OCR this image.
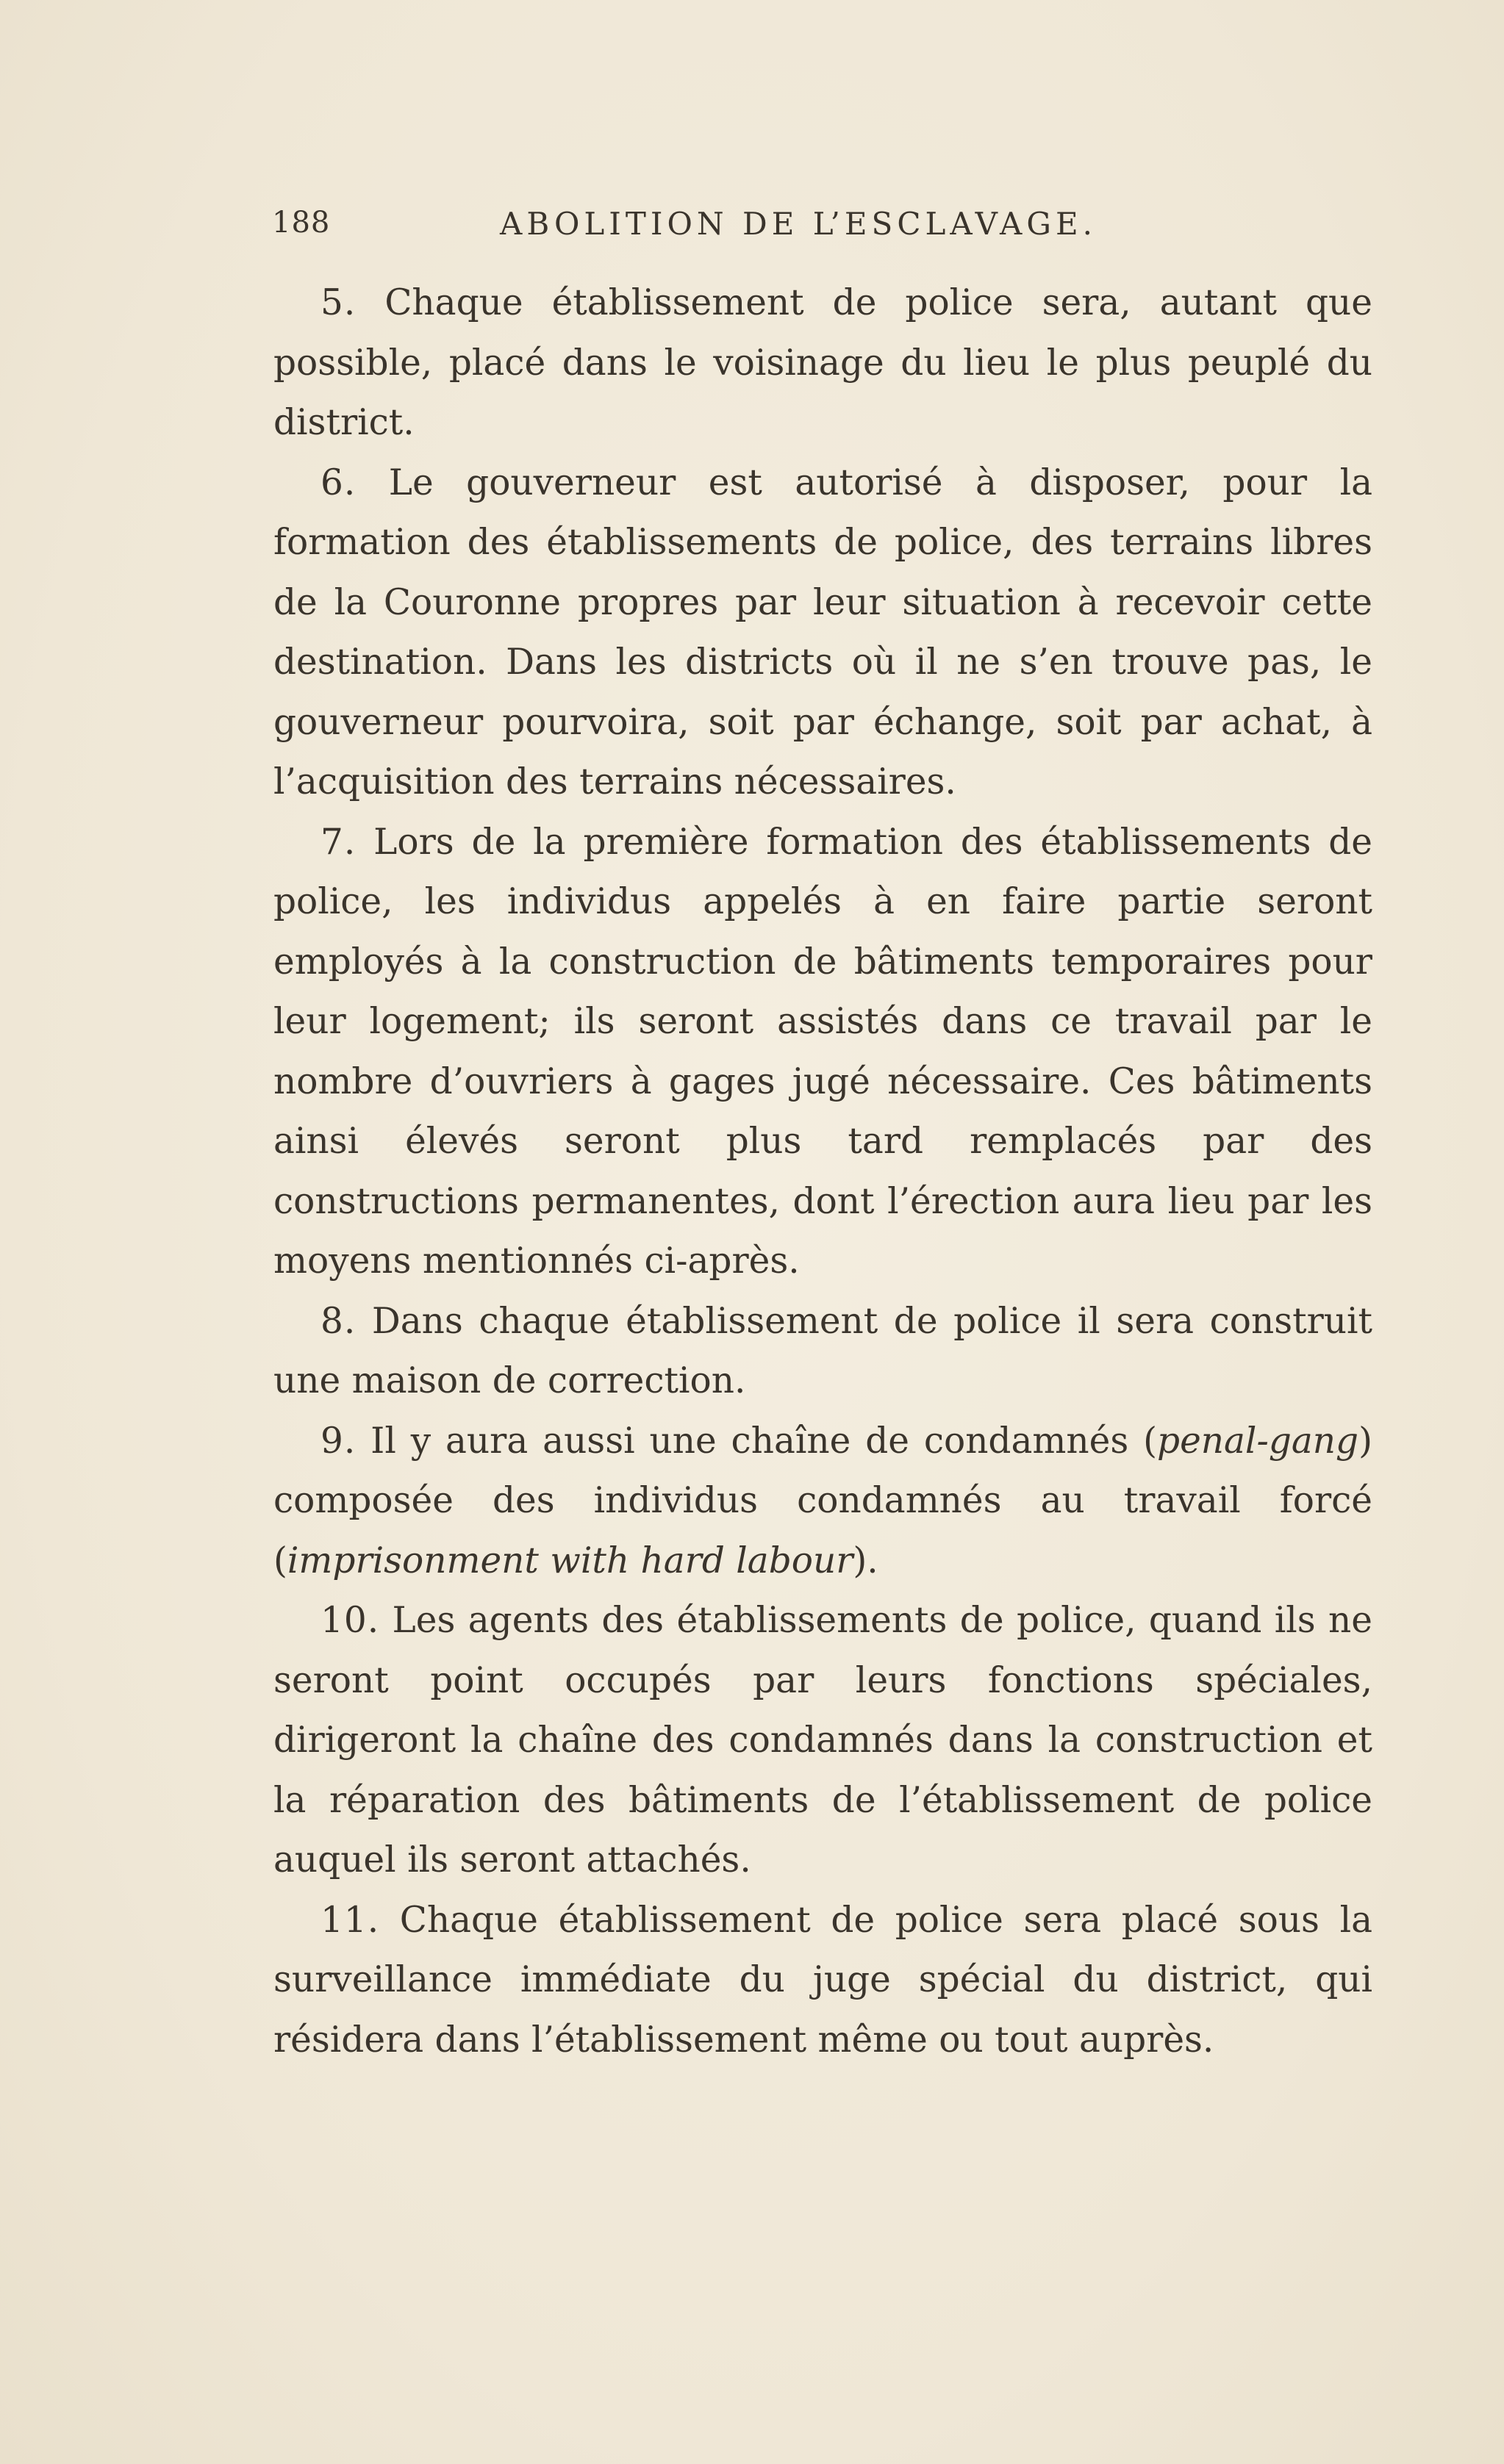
188	ABOLITION DE L’ESCLAVAGE.

5. Chaque établissement de police sera, autant que possible, placé dans le voisinage du lieu le plus peuplé du district.

6. Le gouverneur est autorisé à disposer, pour la formation des établissements de police, des terrains libres de la Couronne propres par leur situation à recevoir cette destination. Dans les districts où il ne s’en trouve pas, le gouverneur pourvoira, soit par échange, soit par achat, à l’acquisition des terrains nécessaires.

7. Lors de la première formation des établissements de police, les individus appelés à en faire partie seront employés à la construction de bâtiments temporaires pour leur logement; ils seront assistés dans ce travail par le nombre d’ouvriers à gages jugé nécessaire. Ces bâtiments ainsi élevés seront plus tard remplacés par des constructions permanentes, dont l’érection aura lieu par les moyens mentionnés ci-après.

8. Dans chaque établissement de police il sera construit une maison de correction.

9. Il y aura aussi une chaîne de condamnés (penal-gang) composée des individus condamnés au travail forcé (imprisonment with hard labour).

10. Les agents des établissements de police, quand ils ne seront point occupés par leurs fonctions spéciales, dirigeront la chaîne des condamnés dans la construction et la réparation des bâtiments de l’établissement de police auquel ils seront attachés.

11. Chaque établissement de police sera placé sous la surveillance immédiate du juge spécial du district, qui résidera dans l’établissement même ou tout auprès.
